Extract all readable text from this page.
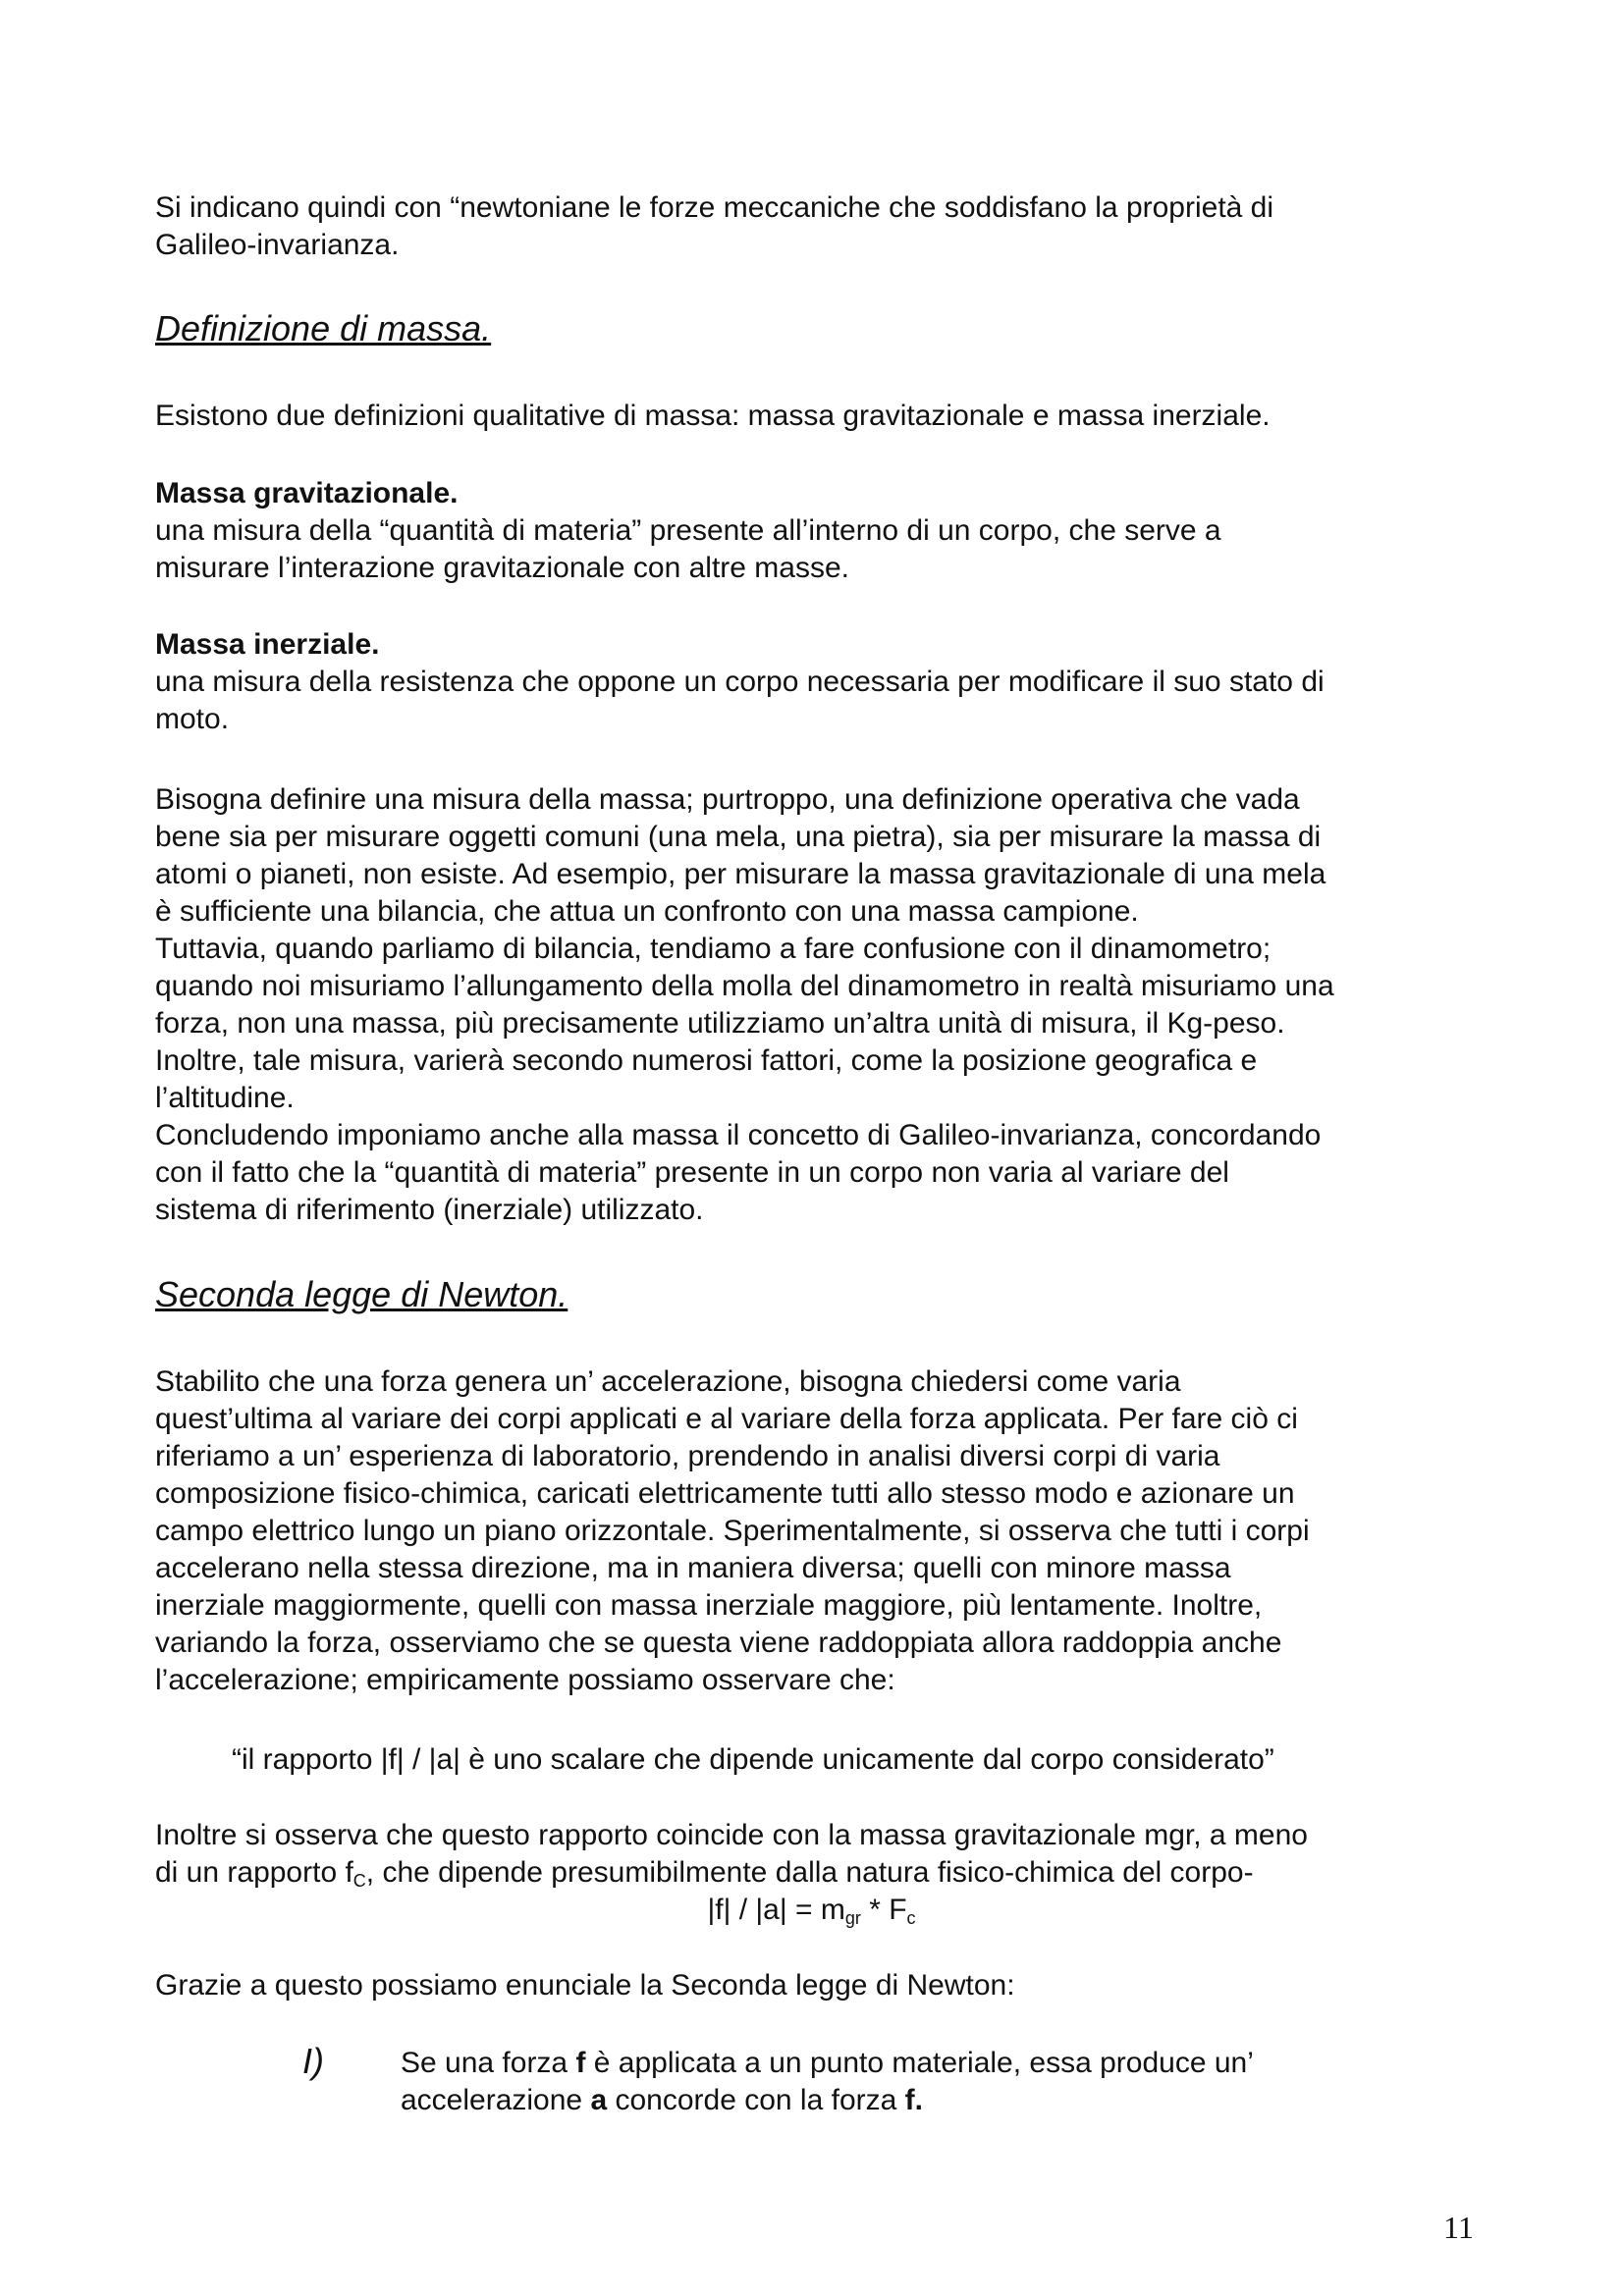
Si indicano quindi con “newtoniane le forze meccaniche che soddisfano la proprietà di

Galileo-invarianza.

Definizione di massa.

Esistono due definizioni qualitative di massa: massa gravitazionale e massa inerziale.

Massa gravitazionale.

una misura della “quantità di materia” presente all’interno di un corpo, che serve a

misurare l’interazione gravitazionale con altre masse.

Massa inerziale.

una misura della resistenza che oppone un corpo necessaria per modificare il suo stato di

moto.

Bisogna definire una misura della massa; purtroppo, una definizione operativa che vada

bene sia per misurare oggetti comuni (una mela, una pietra), sia per misurare la massa di

atomi o pianeti, non esiste. Ad esempio, per misurare la massa gravitazionale di una mela

è sufficiente una bilancia, che attua un confronto con una massa campione.

Tuttavia, quando parliamo di bilancia, tendiamo a fare confusione con il dinamometro;

quando noi misuriamo l’allungamento della molla del dinamometro in realtà misuriamo una

forza, non una massa, più precisamente utilizziamo un’altra unità di misura, il Kg-peso.

Inoltre, tale misura, varierà secondo numerosi fattori, come la posizione geografica e

l’altitudine.

Concludendo imponiamo anche alla massa il concetto di Galileo-invarianza, concordando

con il fatto che la “quantità di materia” presente in un corpo non varia al variare del

sistema di riferimento (inerziale) utilizzato.

Seconda legge di Newton.

Stabilito che una forza genera un’ accelerazione, bisogna chiedersi come varia

quest’ultima al variare dei corpi applicati e al variare della forza applicata. Per fare ciò ci

riferiamo a un’ esperienza di laboratorio, prendendo in analisi diversi corpi di varia

composizione fisico-chimica, caricati elettricamente tutti allo stesso modo e azionare un

campo elettrico lungo un piano orizzontale. Sperimentalmente, si osserva che tutti i corpi

accelerano nella stessa direzione, ma in maniera diversa; quelli con minore massa

inerziale maggiormente, quelli con massa inerziale maggiore, più lentamente. Inoltre,

variando la forza, osserviamo che se questa viene raddoppiata allora raddoppia anche

l’accelerazione; empiricamente possiamo osservare che:

“il rapporto |f| / |a| è uno scalare che dipende unicamente dal corpo considerato”

Inoltre si osserva che questo rapporto coincide con la massa gravitazionale mgr, a meno

di un rapporto $f_C$, che dipende presumibilmente dalla natura fisico-chimica del corpo-

$|f| / |a| = m_{gr} * F_c$

Grazie a questo possiamo enunciale la Seconda legge di Newton:

I)	Se una forza f è applicata a un punto materiale, essa produce un’
accelerazione a concorde con la forza f.

11
